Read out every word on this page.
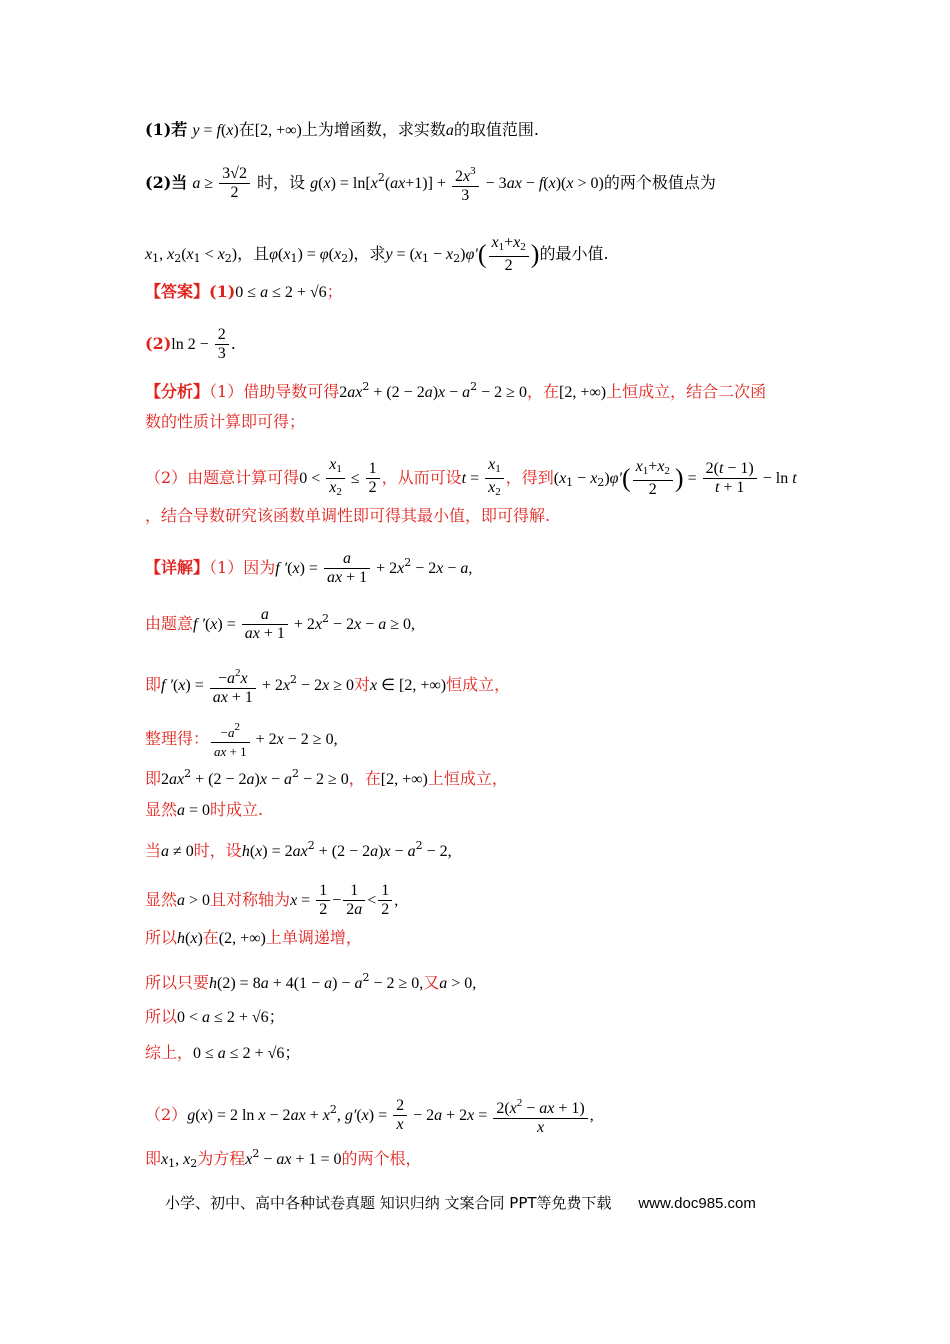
(1)若 y = f(x)在[2, +∞)上为增函数，求实数a的取值范围.
(2)当 $a \ge \frac{3√2}{2}$ 时，设 $g(x) = \ln[x^2(ax+1)] + \frac{2x^3}{3} - 3ax - f(x)(x > 0)$的两个极值点为
$x_1$, $x_2(x_1 < x_2)$，且$\varphi(x_1) = \varphi(x_2)$，求$y = (x_1 - x_2)\varphi'( \frac{x_1+x_2}{2}$ )的最小值.
【答案】(1)0 ≤ a ≤ 2 + √6；
(2)ln $2 - \frac{2}{3}$ .
【分析】（1）借助导数可得$2ax^2 + (2 - 2a)x - a^2 - 2 \ge 0$，在[2, +∞)上恒成立，结合二次函
数的性质计算即可得；
（2）由题意计算可得$0 < \frac{x_1}{x_2} \le \frac{1}{2}$ ，从而可设$t = \frac{x_1}{x_2}$ ，得到$(x_1 - x_2)\varphi'( \frac{x_1+x_2}{2}$ ) = $\frac{2(t - 1)}{t + 1} - \ln t$
，结合导数研究该函数单调性即可得其最小值，即可得解.
【详解】（1）因为f $'(x) = \frac{a}{ax + 1} + 2x^2 - 2x - a$,
由题意f $'(x) = \frac{a}{ax + 1} + 2x^2 - 2x - a \ge 0$,
即f $'(x) = \frac{-a^2x}{ax + 1} + 2x^2 - 2x \ge 0$对x ∈ [2, +∞)恒成立，
整理得： $\frac{-a^2}{ax + 1} + 2x - 2 \ge 0$,
即$2ax^2 + (2 - 2a)x - a^2 - 2 \ge 0$，在[2, +∞)上恒成立，
显然a = 0时成立.
当a ≠ 0时，设$h(x) = 2ax^2 + (2 - 2a)x - a^2 - 2$,
显然a > 0且对称轴为$x = \frac{1}{2} - \frac{1}{2a} < \frac{1}{2}$ ,
所以h(x)在(2, +∞)上单调递增，
所以只要$h(2) = 8a + 4(1 - a) - a^2 - 2 \ge 0$,又a > 0,
所以0 < a ≤ 2 + √6；
综上，0 ≤ a ≤ 2 + √6；
（2）g(x) = 2 $\ln x - 2ax + x^2$, $g'(x) = \frac{2}{x} - 2a + 2x = \frac{2(x^2 - ax + 1)}{x}$ ,
即$x_1$, $x_2$为方程$x^2$ − ax + 1 = 0的两个根，
小学、初中、高中各种试卷真题 知识归纳 文案合同 PPT等免费下载 www.doc985.com
